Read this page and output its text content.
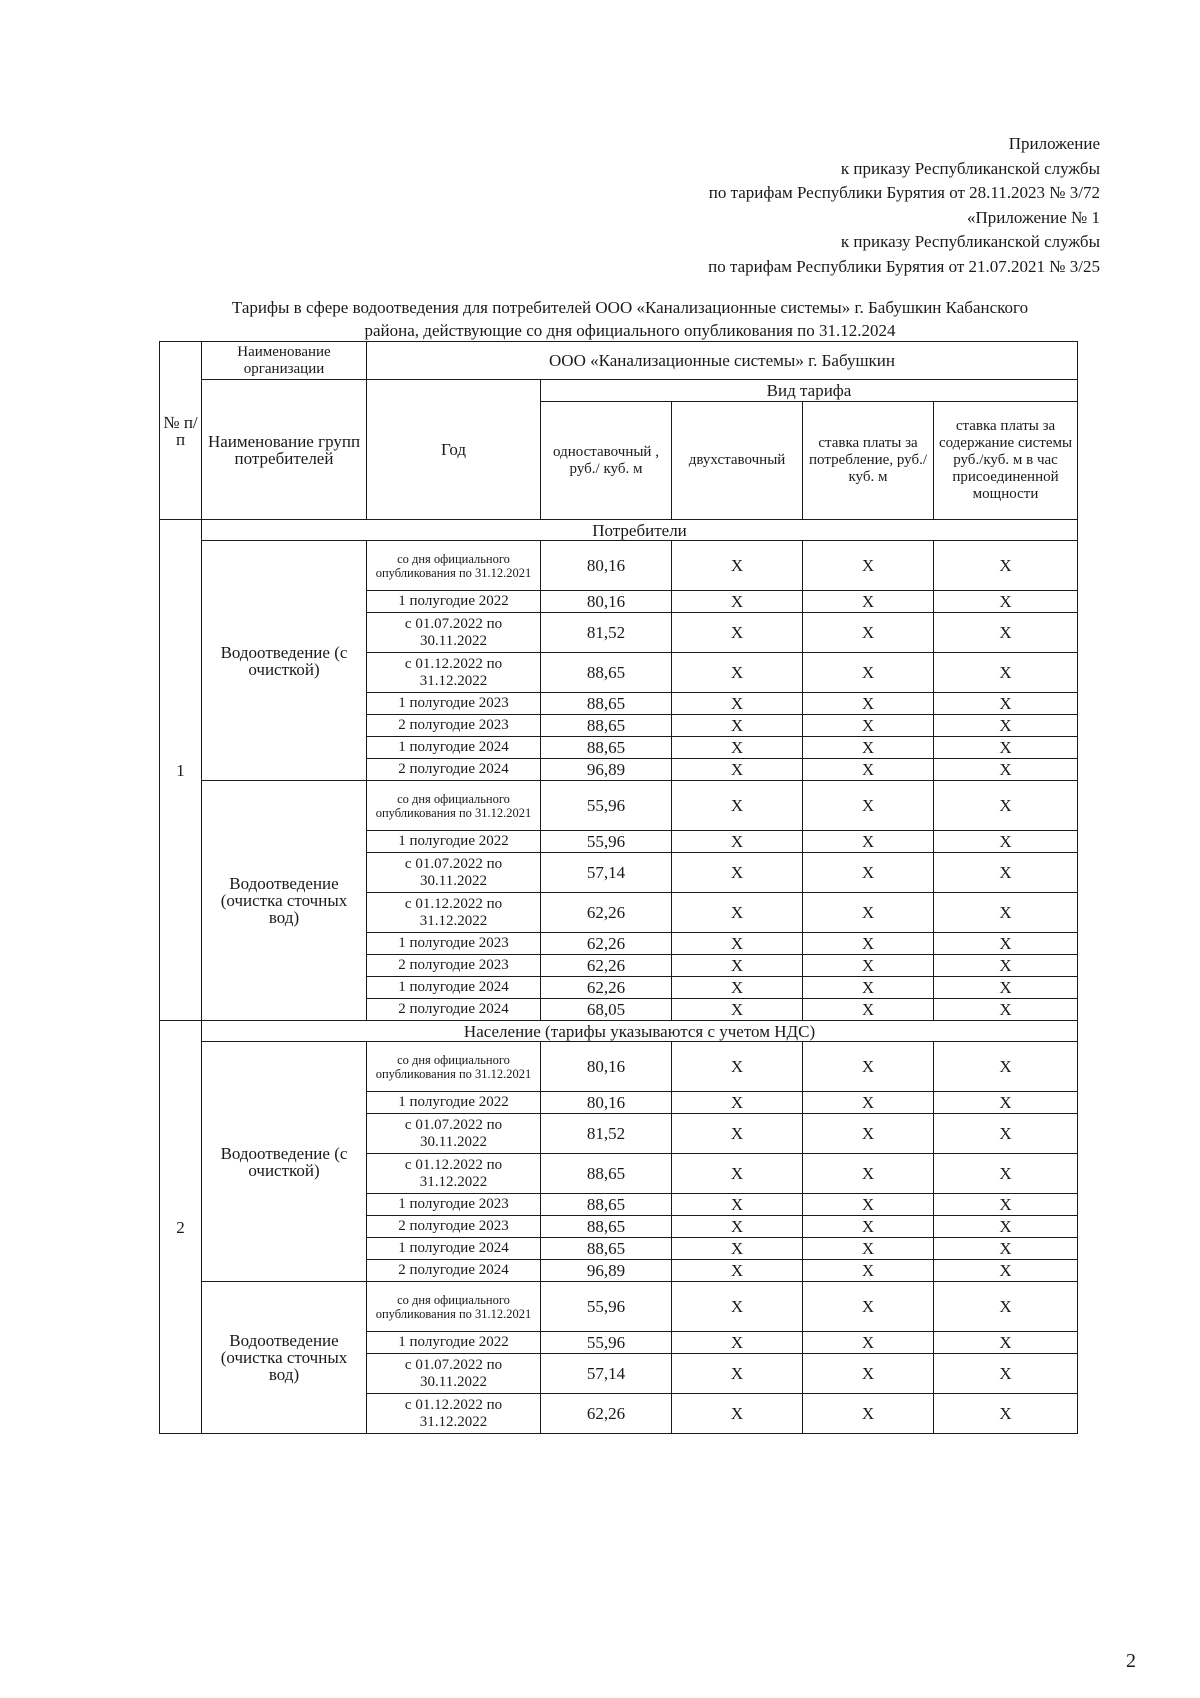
Приложение
к приказу Республиканской службы
по тарифам Республики Бурятия от 28.11.2023 № 3/72
«Приложение № 1
к приказу Республиканской службы
по тарифам Республики Бурятия от 21.07.2021 № 3/25
Тарифы в сфере водоотведения для потребителей ООО «Канализационные системы» г. Бабушкин Кабанского
района, действующие со дня официального опубликования по 31.12.2024
№ п/п	Наименование организации	ООО «Канализационные системы» г. Бабушкин				
	Наименование групп потребителей	Год	Вид тарифа			
			одноставочный , руб./ куб. м	двухставочный	ставка платы за потребление, руб./ куб. м	ставка платы за содержание системы руб./куб. м в час присоединенной мощности
1	Потребители					
	Водоотведение (с очисткой)	со дня официального опубликования по 31.12.2021	80,16	Х	Х	Х
		1 полугодие 2022	80,16	Х	Х	Х
		с 01.07.2022 по 30.11.2022	81,52	Х	Х	Х
		с 01.12.2022 по 31.12.2022	88,65	Х	Х	Х
		1 полугодие 2023	88,65	Х	Х	Х
		2 полугодие 2023	88,65	Х	Х	Х
		1 полугодие 2024	88,65	Х	Х	Х
		2 полугодие 2024	96,89	Х	Х	Х
	Водоотведение (очистка сточных вод)	со дня официального опубликования по 31.12.2021	55,96	Х	Х	Х
		1 полугодие 2022	55,96	Х	Х	Х
		с 01.07.2022 по 30.11.2022	57,14	Х	Х	Х
		с 01.12.2022 по 31.12.2022	62,26	Х	Х	Х
		1 полугодие 2023	62,26	Х	Х	Х
		2 полугодие 2023	62,26	Х	Х	Х
		1 полугодие 2024	62,26	Х	Х	Х
		2 полугодие 2024	68,05	Х	Х	Х
2	Население (тарифы указываются с учетом НДС)					
	Водоотведение (с очисткой)	со дня официального опубликования по 31.12.2021	80,16	Х	Х	Х
		1 полугодие 2022	80,16	Х	Х	Х
		с 01.07.2022 по 30.11.2022	81,52	Х	Х	Х
		с 01.12.2022 по 31.12.2022	88,65	Х	Х	Х
		1 полугодие 2023	88,65	Х	Х	Х
		2 полугодие 2023	88,65	Х	Х	Х
		1 полугодие 2024	88,65	Х	Х	Х
		2 полугодие 2024	96,89	Х	Х	Х
	Водоотведение (очистка сточных вод)	со дня официального опубликования по 31.12.2021	55,96	Х	Х	Х
		1 полугодие 2022	55,96	Х	Х	Х
		с 01.07.2022 по 30.11.2022	57,14	Х	Х	Х
		с 01.12.2022 по 31.12.2022	62,26	Х	Х	Х
2
